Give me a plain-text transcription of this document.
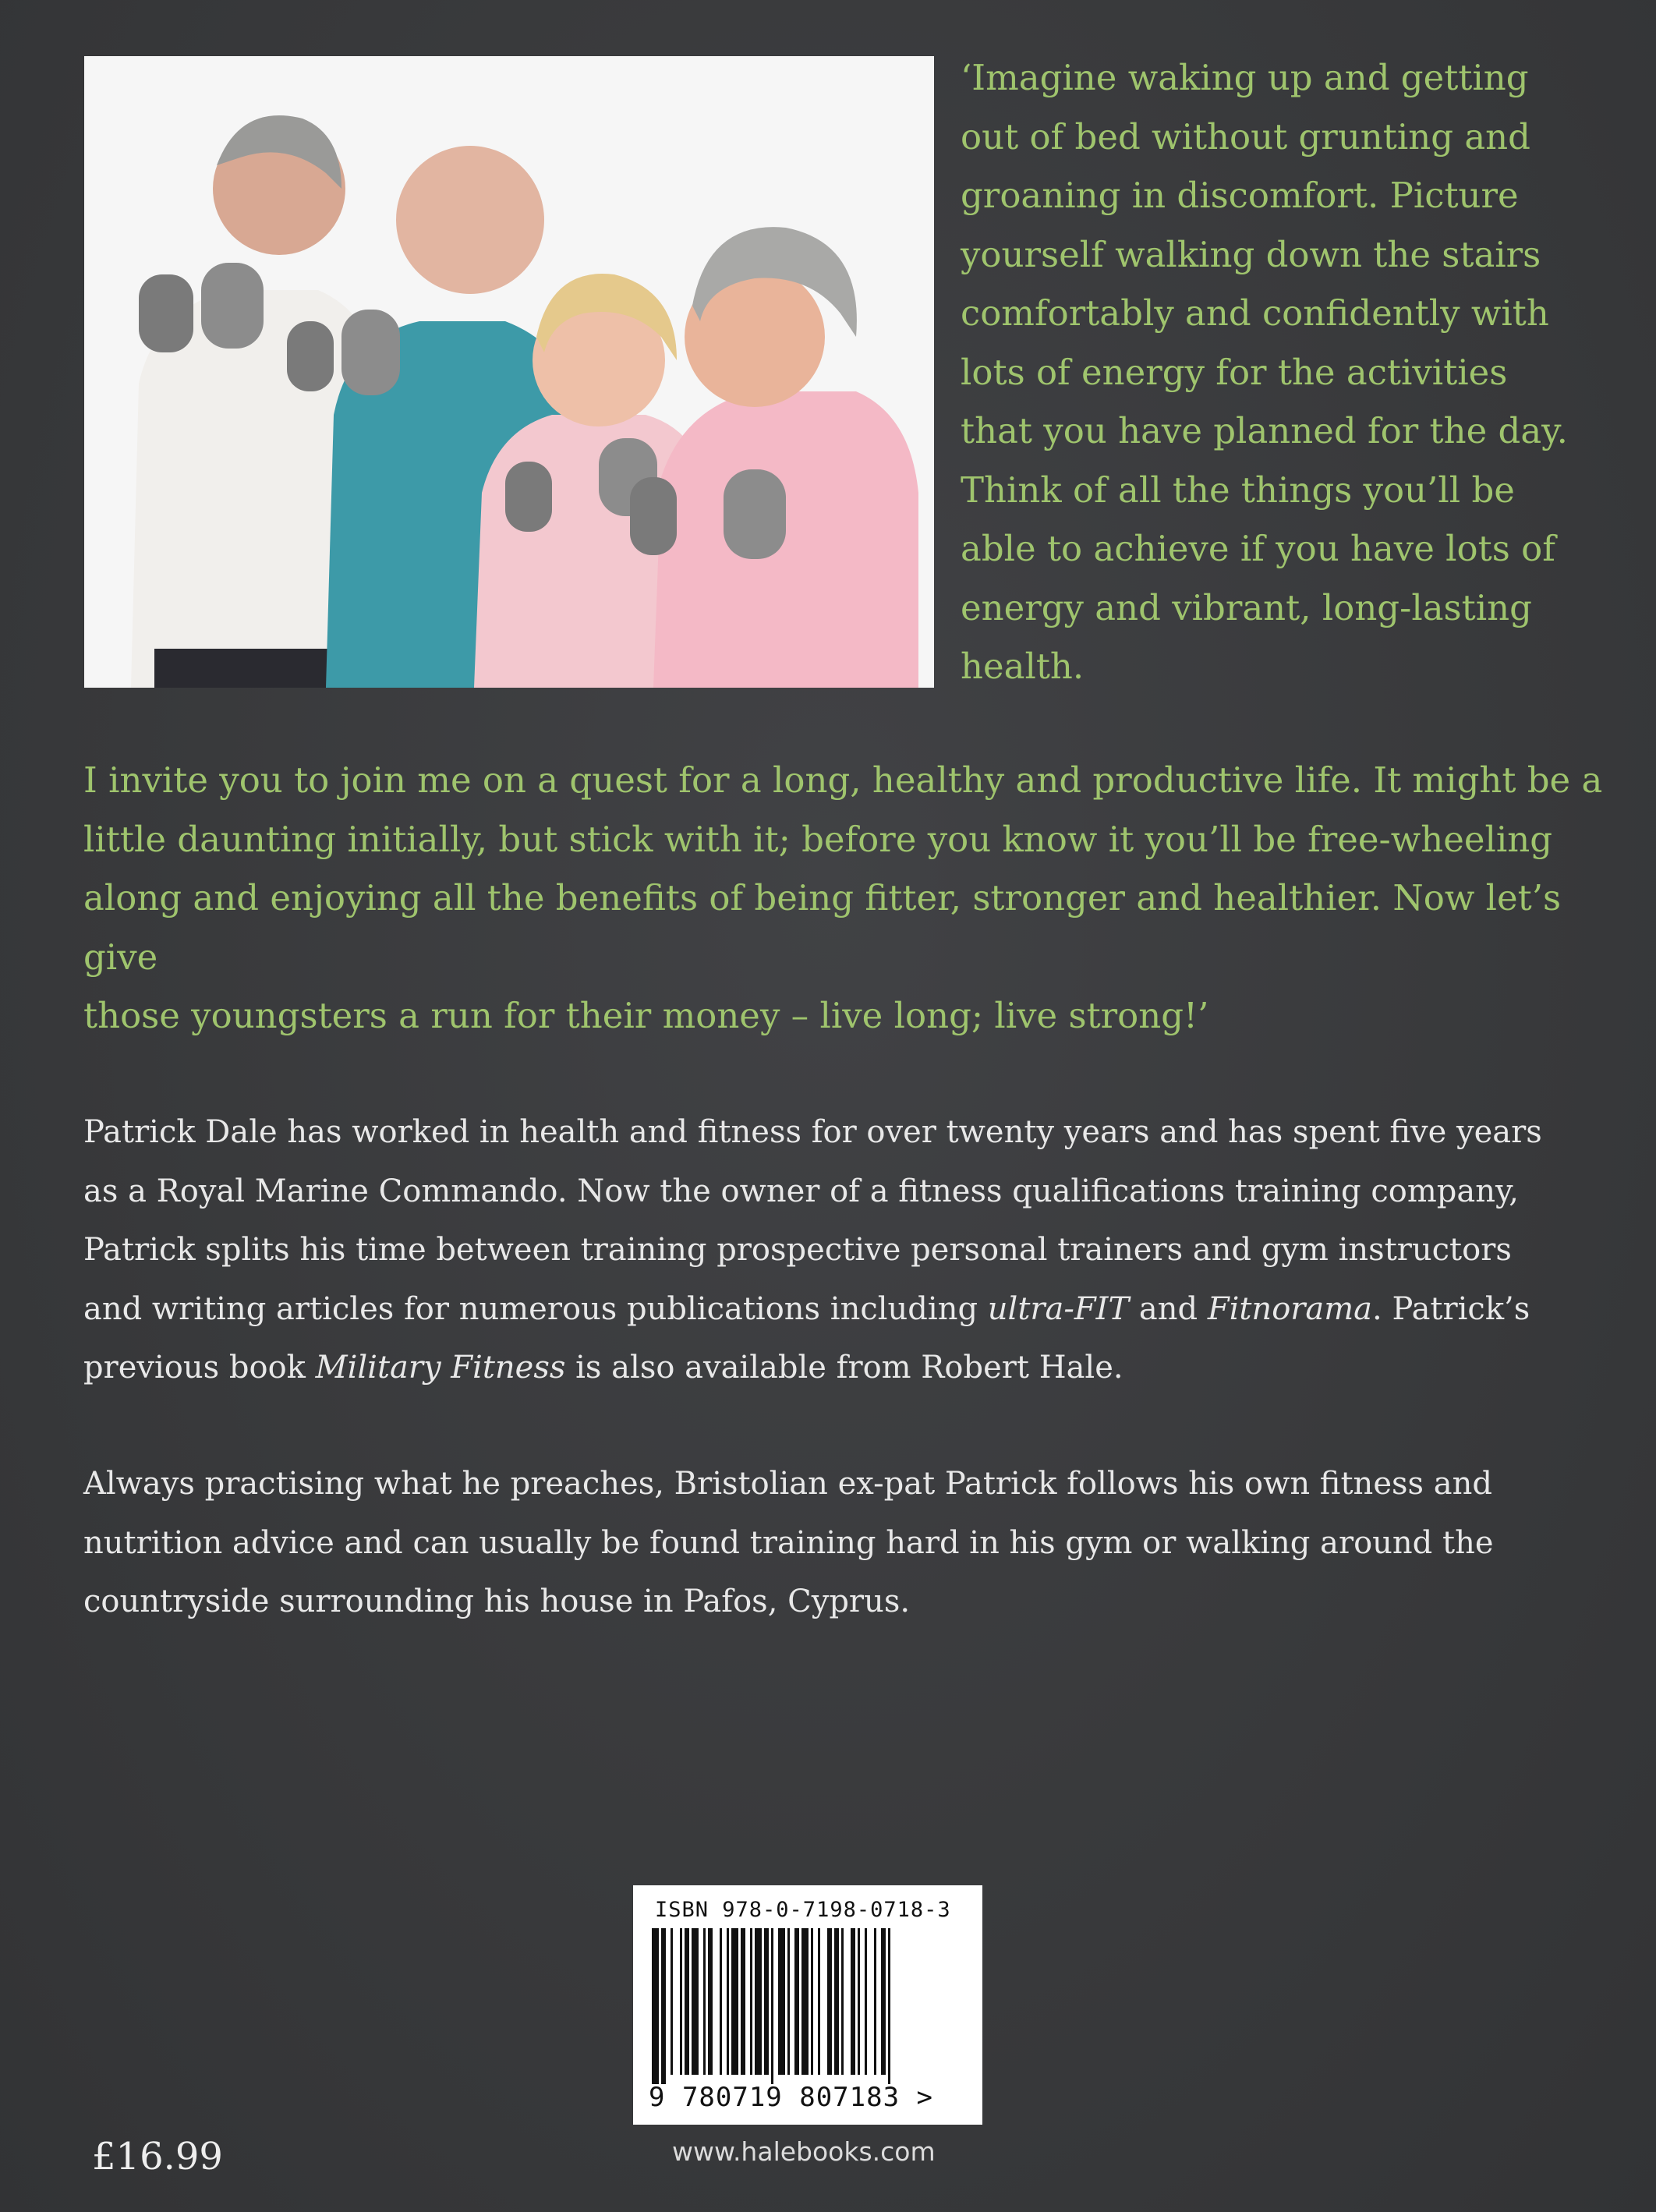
‘Imagine waking up and getting
out of bed without grunting and
groaning in discomfort. Picture
yourself walking down the stairs
comfortably and confidently with
lots of energy for the activities
that you have planned for the day.
Think of all the things you’ll be
able to achieve if you have lots of
energy and vibrant, long-lasting
health.
I invite you to join me on a quest for a long, healthy and productive life. It might be a
little daunting initially, but stick with it; before you know it you’ll be free-wheeling
along and enjoying all the benefits of being fitter, stronger and healthier. Now let’s give
those youngsters a run for their money – live long; live strong!’
Patrick Dale has worked in health and fitness for over twenty years and has spent five years
as a Royal Marine Commando. Now the owner of a fitness qualifications training company,
Patrick splits his time between training prospective personal trainers and gym instructors
and writing articles for numerous publications including ultra-FIT and Fitnorama. Patrick’s
previous book Military Fitness is also available from Robert Hale.
Always practising what he preaches, Bristolian ex-pat Patrick follows his own fitness and
nutrition advice and can usually be found training hard in his gym or walking around the
countryside surrounding his house in Pafos, Cyprus.
ISBN 978-0-7198-0718-3
9 780719 807183 >
£16.99	www.halebooks.com
